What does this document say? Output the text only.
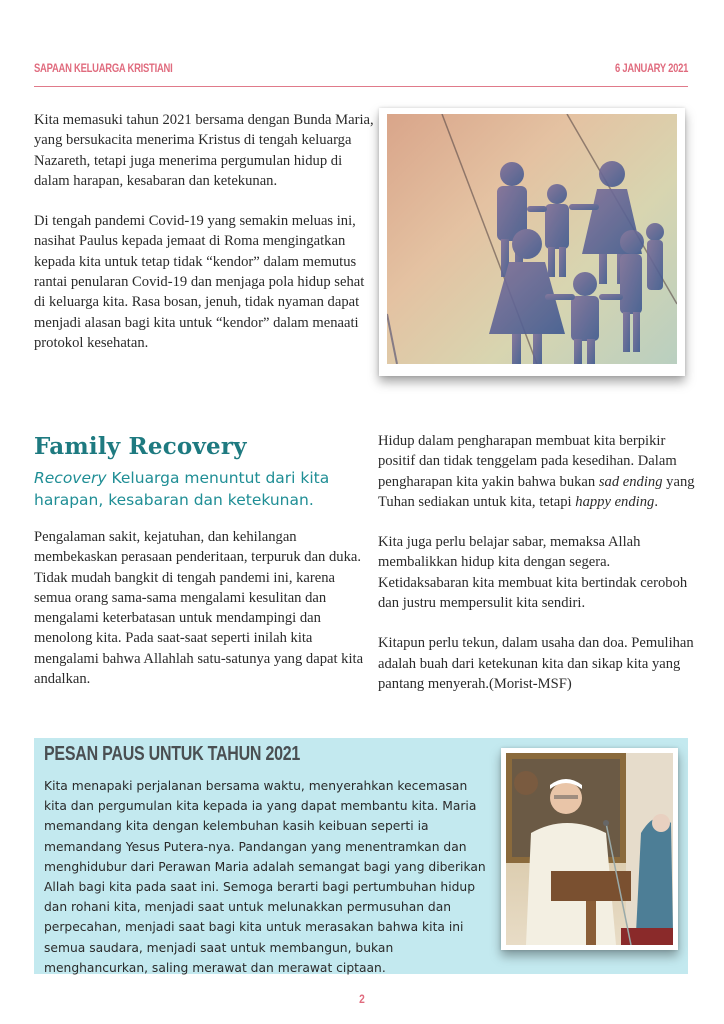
SAPAAN KELUARGA KRISTIANI	6 JANUARY 2021

Kita memasuki tahun 2021 bersama dengan Bunda Maria, yang bersukacita menerima Kristus di tengah keluarga Nazareth, tetapi juga menerima pergumulan hidup di dalam harapan, kesabaran dan ketekunan.

Di tengah pandemi Covid-19 yang semakin meluas ini, nasihat Paulus kepada jemaat di Roma mengingatkan kepada kita untuk tetap tidak “kendor” dalam memutus rantai penularan Covid-19 dan menjaga pola hidup sehat di keluarga kita. Rasa bosan, jenuh, tidak nyaman dapat menjadi alasan bagi kita untuk “kendor” dalam menaati protokol kesehatan.

Family Recovery
Recovery Keluarga menuntut dari kita harapan, kesabaran dan ketekunan.

Pengalaman sakit, kejatuhan, dan kehilangan membekaskan perasaan penderitaan, terpuruk dan duka. Tidak mudah bangkit di tengah pandemi ini, karena semua orang sama-sama mengalami kesulitan dan mengalami keterbatasan untuk mendampingi dan menolong kita. Pada saat-saat seperti inilah kita mengalami bahwa Allahlah satu-satunya yang dapat kita andalkan.

Hidup dalam pengharapan membuat kita berpikir positif dan tidak tenggelam pada kesedihan. Dalam pengharapan kita yakin bahwa bukan sad ending yang Tuhan sediakan untuk kita, tetapi happy ending.

Kita juga perlu belajar sabar, memaksa Allah membalikkan hidup kita dengan segera. Ketidaksabaran kita membuat kita bertindak ceroboh dan justru mempersulit kita sendiri.

Kitapun perlu tekun, dalam usaha dan doa. Pemulihan adalah buah dari ketekunan kita dan sikap kita yang pantang menyerah.(Morist-MSF)

PESAN PAUS UNTUK TAHUN 2021
Kita menapaki perjalanan bersama waktu, menyerahkan kecemasan kita dan pergumulan kita kepada ia yang dapat membantu kita. Maria memandang kita dengan kelembuhan kasih keibuan seperti ia memandang Yesus Putera-nya. Pandangan yang menentramkan dan menghidubur dari Perawan Maria adalah semangat bagi yang diberikan Allah bagi kita pada saat ini. Semoga berarti bagi pertumbuhan hidup dan rohani kita, menjadi saat untuk melunakkan permusuhan dan perpecahan, menjadi saat bagi kita untuk merasakan bahwa kita ini semua saudara, menjadi saat untuk membangun, bukan menghancurkan, saling merawat dan merawat ciptaan.
2
